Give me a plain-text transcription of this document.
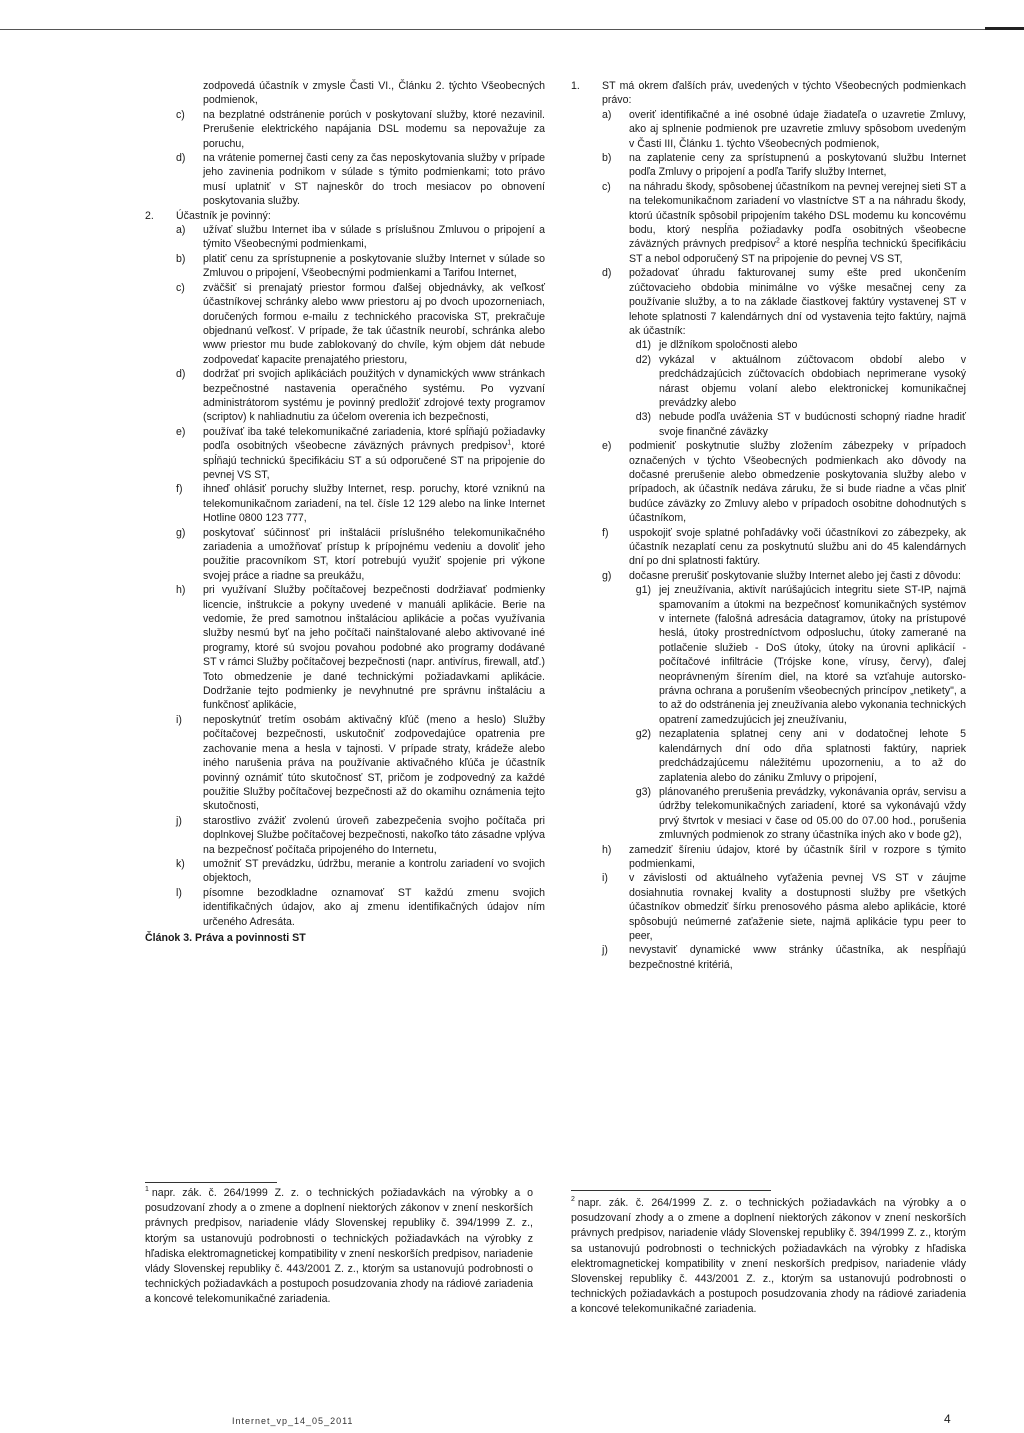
zodpovedá účastník v zmysle Časti VI., Článku 2. týchto Všeobecných podmienok,

c)	na bezplatné odstránenie porúch v poskytovaní služby, ktoré nezavinil. Prerušenie elektrického napájania DSL modemu sa nepovažuje za poruchu,

d)	na vrátenie pomernej časti ceny za čas neposkytovania služby v prípade jeho zavinenia podnikom v súlade s týmito podmienkami; toto právo musí uplatniť v ST najneskôr do troch mesiacov po obnovení poskytovania služby.

2.	Účastník je povinný:

a)	užívať službu Internet iba v súlade s príslušnou Zmluvou o pripojení a týmito Všeobecnými podmienkami,

b)	platiť cenu za sprístupnenie a poskytovanie služby Internet v súlade so Zmluvou o pripojení, Všeobecnými podmienkami a Tarifou Internet,

c)	zväčšiť si prenajatý priestor formou ďalšej objednávky, ak veľkosť účastníkovej schránky alebo www priestoru aj po dvoch upozorneniach, doručených formou e-mailu z technického pracoviska ST, prekračuje objednanú veľkosť. V prípade, že tak účastník neurobí, schránka alebo www priestor mu bude zablokovaný do chvíle, kým objem dát nebude zodpovedať kapacite prenajatého priestoru,

d)	dodržať pri svojich aplikáciách použitých v dynamických www stránkach bezpečnostné nastavenia operačného systému. Po vyzvaní administrátorom systému je povinný predložiť zdrojové texty programov (scriptov) k nahliadnutiu za účelom overenia ich bezpečnosti,

e)	používať iba také telekomunikačné zariadenia, ktoré spĺňajú požiadavky podľa osobitných všeobecne záväzných právnych predpisov$^1$, ktoré spĺňajú technickú špecifikáciu ST a sú odporučené ST na pripojenie do pevnej VS ST,

f)	ihneď ohlásiť poruchy služby Internet, resp. poruchy, ktoré vzniknú na telekomunikačnom zariadení, na tel. čísle 12 129 alebo na linke Internet Hotline 0800 123 777,

g)	poskytovať súčinnosť pri inštalácii príslušného telekomunikačného zariadenia a umožňovať prístup k prípojnému vedeniu a dovoliť jeho použitie pracovníkom ST, ktorí potrebujú využiť spojenie pri výkone svojej práce a riadne sa preukážu,

h)	pri využívaní Služby počítačovej bezpečnosti dodržiavať podmienky licencie, inštrukcie a pokyny uvedené v manuáli aplikácie. Berie na vedomie, že pred samotnou inštaláciou aplikácie a počas využívania služby nesmú byť na jeho počítači nainštalované alebo aktivované iné programy, ktoré sú svojou povahou podobné ako programy dodávané ST v rámci Služby počítačovej bezpečnosti (napr. antivírus, firewall, atď.) Toto obmedzenie je dané technickými požiadavkami aplikácie. Dodržanie tejto podmienky je nevyhnutné pre správnu inštaláciu a funkčnosť aplikácie,

i)	neposkytnúť tretím osobám aktivačný kľúč (meno a heslo) Služby počítačovej bezpečnosti, uskutočniť zodpovedajúce opatrenia pre zachovanie mena a hesla v tajnosti. V prípade straty, krádeže alebo iného narušenia práva na používanie aktivačného kľúča je účastník povinný oznámiť túto skutočnosť ST, pričom je zodpovedný za každé použitie Služby počítačovej bezpečnosti až do okamihu oznámenia tejto skutočnosti,

j)	starostlivo zvážiť zvolenú úroveň zabezpečenia svojho počítača pri doplnkovej Službe počítačovej bezpečnosti, nakoľko táto zásadne vplýva na bezpečnosť počítača pripojeného do Internetu,

k)	umožniť ST prevádzku, údržbu, meranie a kontrolu zariadení vo svojich objektoch,

l)	písomne bezodkladne oznamovať ST každú zmenu svojich identifikačných údajov, ako aj zmenu identifikačných údajov ním určeného Adresáta.

Článok 3. Práva a povinnosti ST

$^1$ napr. zák. č. 264/1999 Z. z. o technických požiadavkách na výrobky a o posudzovaní zhody a o zmene a doplnení niektorých zákonov v znení neskorších právnych predpisov, nariadenie vlády Slovenskej republiky č. 394/1999 Z. z., ktorým sa ustanovujú podrobnosti o technických požiadavkách na výrobky z hľadiska elektromagnetickej kompatibility v znení neskorších predpisov, nariadenie vlády Slovenskej republiky č. 443/2001 Z. z., ktorým sa ustanovujú podrobnosti o technických požiadavkách a postupoch posudzovania zhody na rádiové zariadenia a koncové telekomunikačné zariadenia.
1.	ST má okrem ďalších práv, uvedených v týchto Všeobecných podmienkach právo:

a)	overiť identifikačné a iné osobné údaje žiadateľa o uzavretie Zmluvy, ako aj splnenie podmienok pre uzavretie zmluvy spôsobom uvedeným v Časti III, Článku 1. týchto Všeobecných podmienok,

b)	na zaplatenie ceny za sprístupnenú a poskytovanú službu Internet podľa Zmluvy o pripojení a podľa Tarify služby Internet,

c)	na náhradu škody, spôsobenej účastníkom na pevnej verejnej sieti ST a na telekomunikačnom zariadení vo vlastníctve ST a na náhradu škody, ktorú účastník spôsobil pripojením takého DSL modemu ku koncovému bodu, ktorý nespĺňa požiadavky podľa osobitných všeobecne záväzných právnych predpisov$^2$ a ktoré nespĺňa technickú špecifikáciu ST a nebol odporučený ST na pripojenie do pevnej VS ST,

d)	požadovať úhradu fakturovanej sumy ešte pred ukončením zúčtovacieho obdobia minimálne vo výške mesačnej ceny za používanie služby, a to na základe čiastkovej faktúry vystavenej ST v lehote splatnosti 7 kalendárnych dní od vystavenia tejto faktúry, najmä ak účastník:

d1) je dlžníkom spoločnosti alebo

d2) vykázal v aktuálnom zúčtovacom období alebo v predchádzajúcich zúčtovacích obdobiach neprimerane vysoký nárast objemu volaní alebo elektronickej komunikačnej prevádzky alebo

d3) nebude podľa uváženia ST v budúcnosti schopný riadne hradiť svoje finančné záväzky

e)	podmieniť poskytnutie služby zložením zábezpeky v prípadoch označených v týchto Všeobecných podmienkach ako dôvody na dočasné prerušenie alebo obmedzenie poskytovania služby alebo v prípadoch, ak účastník nedáva záruku, že si bude riadne a včas plniť budúce záväzky zo Zmluvy alebo v prípadoch osobitne dohodnutých s účastníkom,

f)	uspokojiť svoje splatné pohľadávky voči účastníkovi zo zábezpeky, ak účastník nezaplatí cenu za poskytnutú službu ani do 45 kalendárnych dní po dni splatnosti faktúry.

g)	dočasne prerušiť poskytovanie služby Internet alebo jej časti z dôvodu:

g1) jej zneužívania, aktivít narúšajúcich integritu siete ST-IP, najmä spamovaním a útokmi na bezpečnosť komunikačných systémov v internete (falošná adresácia datagramov, útoky na prístupové heslá, útoky prostredníctvom odposluchu, útoky zamerané na potlačenie služieb - DoS útoky, útoky na úrovni aplikácií - počítačové infiltrácie (Trójske kone, vírusy, červy), ďalej neoprávneným šírením diel, na ktoré sa vzťahuje autorsko-právna ochrana a porušením všeobecných princípov „netikety", a to až do odstránenia jej zneužívania alebo vykonania technických opatrení zamedzujúcich jej zneužívaniu,

g2) nezaplatenia splatnej ceny ani v dodatočnej lehote 5 kalendárnych dní odo dňa splatnosti faktúry, napriek predchádzajúcemu náležitému upozorneniu, a to až do zaplatenia alebo do zániku Zmluvy o pripojení,

g3) plánovaného prerušenia prevádzky, vykonávania opráv, servisu a údržby telekomunikačných zariadení, ktoré sa vykonávajú vždy prvý štvrtok v mesiaci v čase od 05.00 do 07.00 hod., porušenia zmluvných podmienok zo strany účastníka iných ako v bode g2),

h)	zamedziť šíreniu údajov, ktoré by účastník šíril v rozpore s týmito podmienkami,

i)	v závislosti od aktuálneho vyťaženia pevnej VS ST v záujme dosiahnutia rovnakej kvality a dostupnosti služby pre všetkých účastníkov obmedziť šírku prenosového pásma alebo aplikácie, ktoré spôsobujú neúmerné zaťaženie siete, najmä aplikácie typu peer to peer,

j)	nevystaviť dynamické www stránky účastníka, ak nespĺňajú bezpečnostné kritériá,

$^2$ napr. zák. č. 264/1999 Z. z. o technických požiadavkách na výrobky a o posudzovaní zhody a o zmene a doplnení niektorých zákonov v znení neskorších právnych predpisov, nariadenie vlády Slovenskej republiky č. 394/1999 Z. z., ktorým sa ustanovujú podrobnosti o technických požiadavkách na výrobky z hľadiska elektromagnetickej kompatibility v znení neskorších predpisov, nariadenie vlády Slovenskej republiky č. 443/2001 Z. z., ktorým sa ustanovujú podrobnosti o technických požiadavkách a postupoch posudzovania zhody na rádiové zariadenia a koncové telekomunikačné zariadenia.
Internet_vp_14_05_2011	4
